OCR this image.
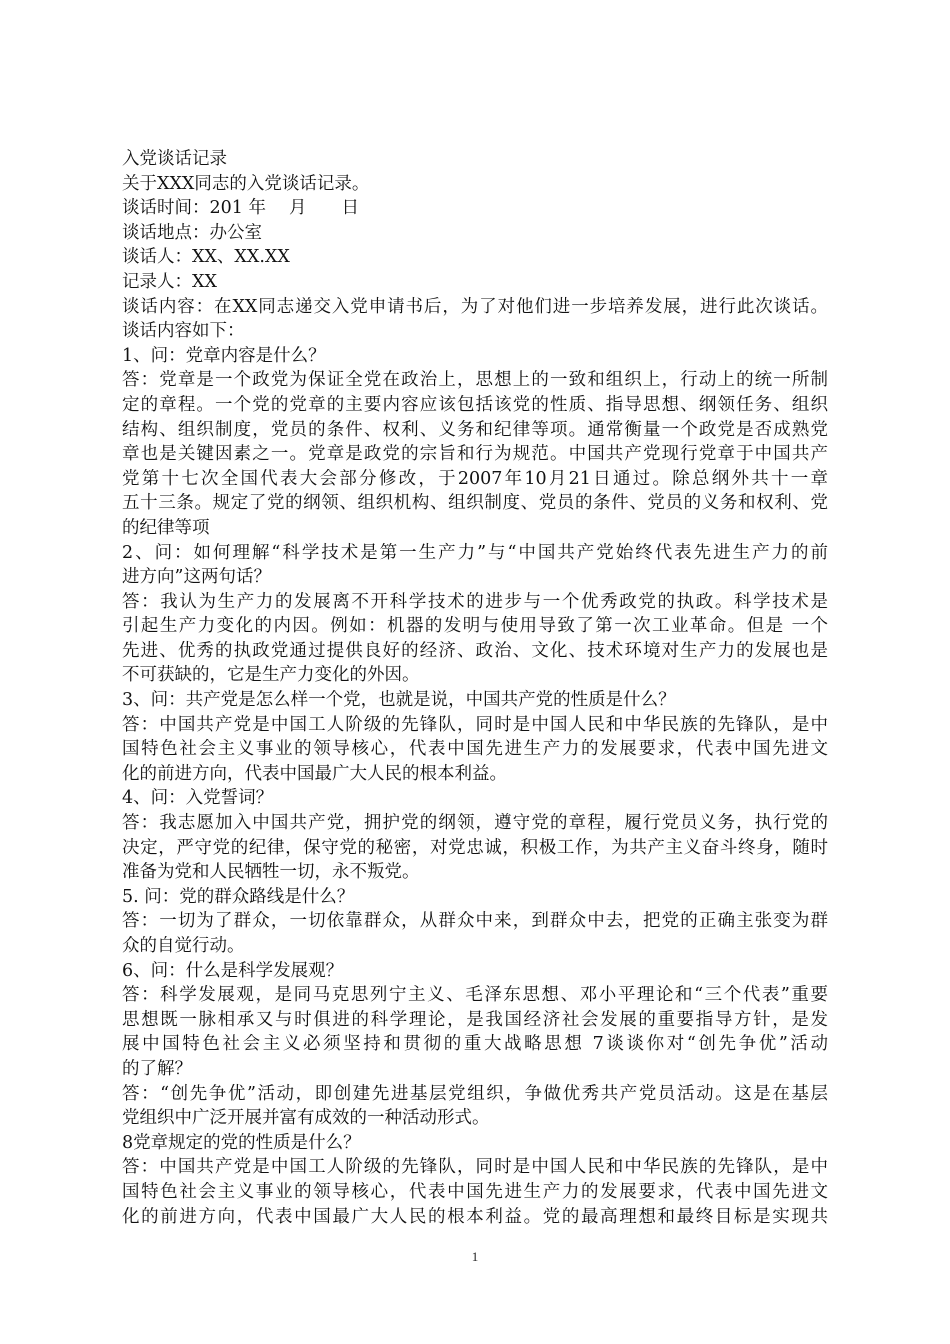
入党谈话记录
关于XXX同志的入党谈话记录。
谈话时间：201 年　 月　　日
谈话地点：办公室
谈话人：XX、XX.XX
记录人：XX
谈话内容：在XX同志递交入党申请书后，为了对他们进一步培养发展，进行此次谈话。
谈话内容如下：
1、问：党章内容是什么？
答：党章是一个政党为保证全党在政治上，思想上的一致和组织上，行动上的统一所制
定的章程。一个党的党章的主要内容应该包括该党的性质、指导思想、纲领任务、组织
结构、组织制度，党员的条件、权利、义务和纪律等项。通常衡量一个政党是否成熟党
章也是关键因素之一。党章是政党的宗旨和行为规范。中国共产党现行党章于中国共产
党第十七次全国代表大会部分修改，于2007年10月21日通过。除总纲外共十一章
五十三条。规定了党的纲领、组织机构、组织制度、党员的条件、党员的义务和权利、党
的纪律等项
2、问：如何理解“科学技术是第一生产力”与“中国共产党始终代表先进生产力的前
进方向”这两句话？
答：我认为生产力的发展离不开科学技术的进步与一个优秀政党的执政。科学技术是
引起生产力变化的内因。例如：机器的发明与使用导致了第一次工业革命。但是 一个
先进、优秀的执政党通过提供良好的经济、政治、文化、技术环境对生产力的发展也是
不可获缺的，它是生产力变化的外因。
3、问：共产党是怎么样一个党，也就是说，中国共产党的性质是什么？
答：中国共产党是中国工人阶级的先锋队，同时是中国人民和中华民族的先锋队，是中
国特色社会主义事业的领导核心，代表中国先进生产力的发展要求，代表中国先进文
化的前进方向，代表中国最广大人民的根本利益。
4、问：入党誓词？
答：我志愿加入中国共产党，拥护党的纲领，遵守党的章程，履行党员义务，执行党的
决定，严守党的纪律，保守党的秘密，对党忠诚，积极工作，为共产主义奋斗终身，随时
准备为党和人民牺牲一切，永不叛党。
5. 问：党的群众路线是什么？
答：一切为了群众，一切依靠群众，从群众中来，到群众中去，把党的正确主张变为群
众的自觉行动。
6、问：什么是科学发展观？
答：科学发展观，是同马克思列宁主义、毛泽东思想、邓小平理论和“三个代表”重要
思想既一脉相承又与时俱进的科学理论，是我国经济社会发展的重要指导方针，是发
展中国特色社会主义必须坚持和贯彻的重大战略思想 7谈谈你对“创先争优”活动
的了解？
答：“创先争优”活动，即创建先进基层党组织，争做优秀共产党员活动。这是在基层
党组织中广泛开展并富有成效的一种活动形式。
8党章规定的党的性质是什么？
答：中国共产党是中国工人阶级的先锋队，同时是中国人民和中华民族的先锋队，是中
国特色社会主义事业的领导核心，代表中国先进生产力的发展要求，代表中国先进文
化的前进方向，代表中国最广大人民的根本利益。党的最高理想和最终目标是实现共
1
